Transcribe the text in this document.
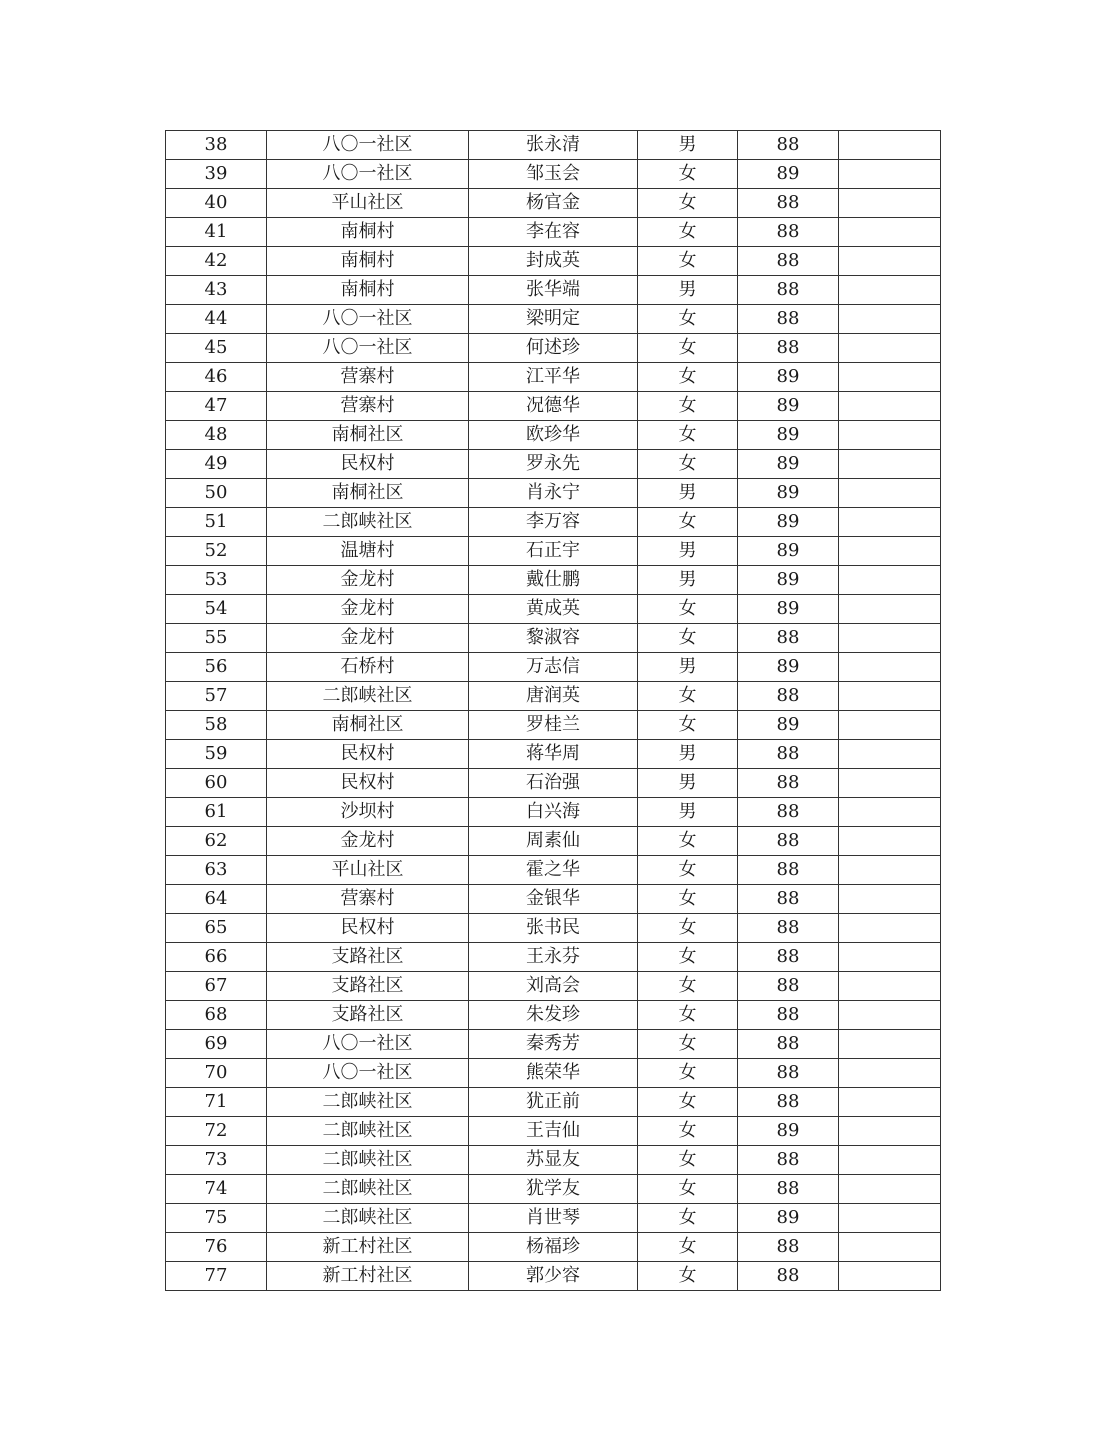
38	八〇一社区	张永清	男	88	
39	八〇一社区	邹玉会	女	89	
40	平山社区	杨官金	女	88	
41	南桐村	李在容	女	88	
42	南桐村	封成英	女	88	
43	南桐村	张华端	男	88	
44	八〇一社区	梁明定	女	88	
45	八〇一社区	何述珍	女	88	
46	营寨村	江平华	女	89	
47	营寨村	况德华	女	89	
48	南桐社区	欧珍华	女	89	
49	民权村	罗永先	女	89	
50	南桐社区	肖永宁	男	89	
51	二郎峡社区	李万容	女	89	
52	温塘村	石正宇	男	89	
53	金龙村	戴仕鹏	男	89	
54	金龙村	黄成英	女	89	
55	金龙村	黎淑容	女	88	
56	石桥村	万志信	男	89	
57	二郎峡社区	唐润英	女	88	
58	南桐社区	罗桂兰	女	89	
59	民权村	蒋华周	男	88	
60	民权村	石治强	男	88	
61	沙坝村	白兴海	男	88	
62	金龙村	周素仙	女	88	
63	平山社区	霍之华	女	88	
64	营寨村	金银华	女	88	
65	民权村	张书民	女	88	
66	支路社区	王永芬	女	88	
67	支路社区	刘高会	女	88	
68	支路社区	朱发珍	女	88	
69	八〇一社区	秦秀芳	女	88	
70	八〇一社区	熊荣华	女	88	
71	二郎峡社区	犹正前	女	88	
72	二郎峡社区	王吉仙	女	89	
73	二郎峡社区	苏显友	女	88	
74	二郎峡社区	犹学友	女	88	
75	二郎峡社区	肖世琴	女	89	
76	新工村社区	杨福珍	女	88	
77	新工村社区	郭少容	女	88	
